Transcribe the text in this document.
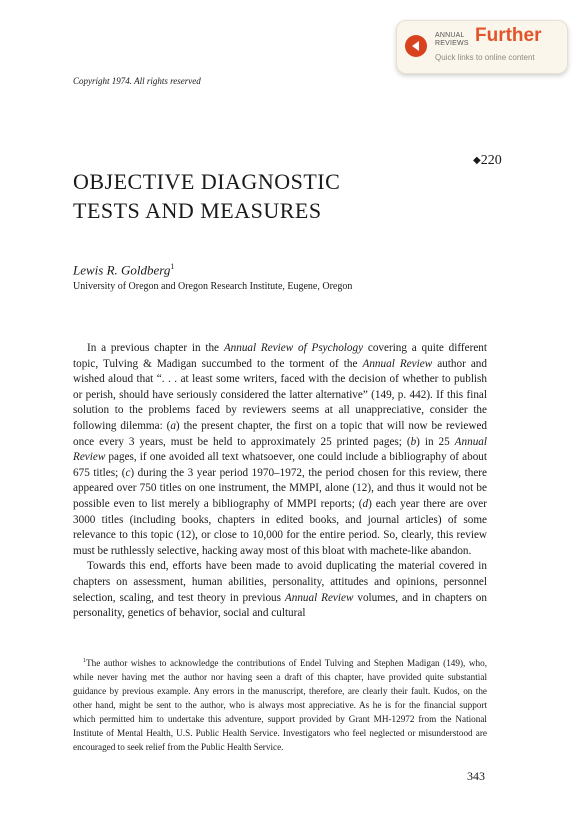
ANNUAL
REVIEWS Further
Quick links to online content
Copyright 1974. All rights reserved
◆220
OBJECTIVE DIAGNOSTIC
TESTS AND MEASURES
Lewis R. Goldberg$^1$
University of Oregon and Oregon Research Institute, Eugene, Oregon

In a previous chapter in the Annual Review of Psychology covering a quite different topic, Tulving & Madigan succumbed to the torment of the Annual Review author and wished aloud that “. . . at least some writers, faced with the decision of whether to publish or perish, should have seriously considered the latter alternative” (149, p. 442). If this final solution to the problems faced by reviewers seems at all unappreciative, consider the following dilemma: (a) the present chapter, the first on a topic that will now be reviewed once every 3 years, must be held to approximately 25 printed pages; (b) in 25 Annual Review pages, if one avoided all text whatsoever, one could include a bibliography of about 675 titles; (c) during the 3 year period 1970–1972, the period chosen for this review, there appeared over 750 titles on one instrument, the MMPI, alone (12), and thus it would not be possible even to list merely a bibliography of MMPI reports; (d) each year there are over 3000 titles (including books, chapters in edited books, and journal articles) of some relevance to this topic (12), or close to 10,000 for the entire period. So, clearly, this review must be ruthlessly selective, hacking away most of this bloat with machete-like abandon.

Towards this end, efforts have been made to avoid duplicating the material covered in chapters on assessment, human abilities, personality, attitudes and opinions, personnel selection, scaling, and test theory in previous Annual Review volumes, and in chapters on personality, genetics of behavior, social and cultural

$^1$The author wishes to acknowledge the contributions of Endel Tulving and Stephen Madigan (149), who, while never having met the author nor having seen a draft of this chapter, have provided quite substantial guidance by previous example. Any errors in the manuscript, therefore, are clearly their fault. Kudos, on the other hand, might be sent to the author, who is always most appreciative. As he is for the financial support which permitted him to undertake this adventure, support provided by Grant MH-12972 from the National Institute of Mental Health, U.S. Public Health Service. Investigators who feel neglected or misunderstood are encouraged to seek relief from the Public Health Service.

343
